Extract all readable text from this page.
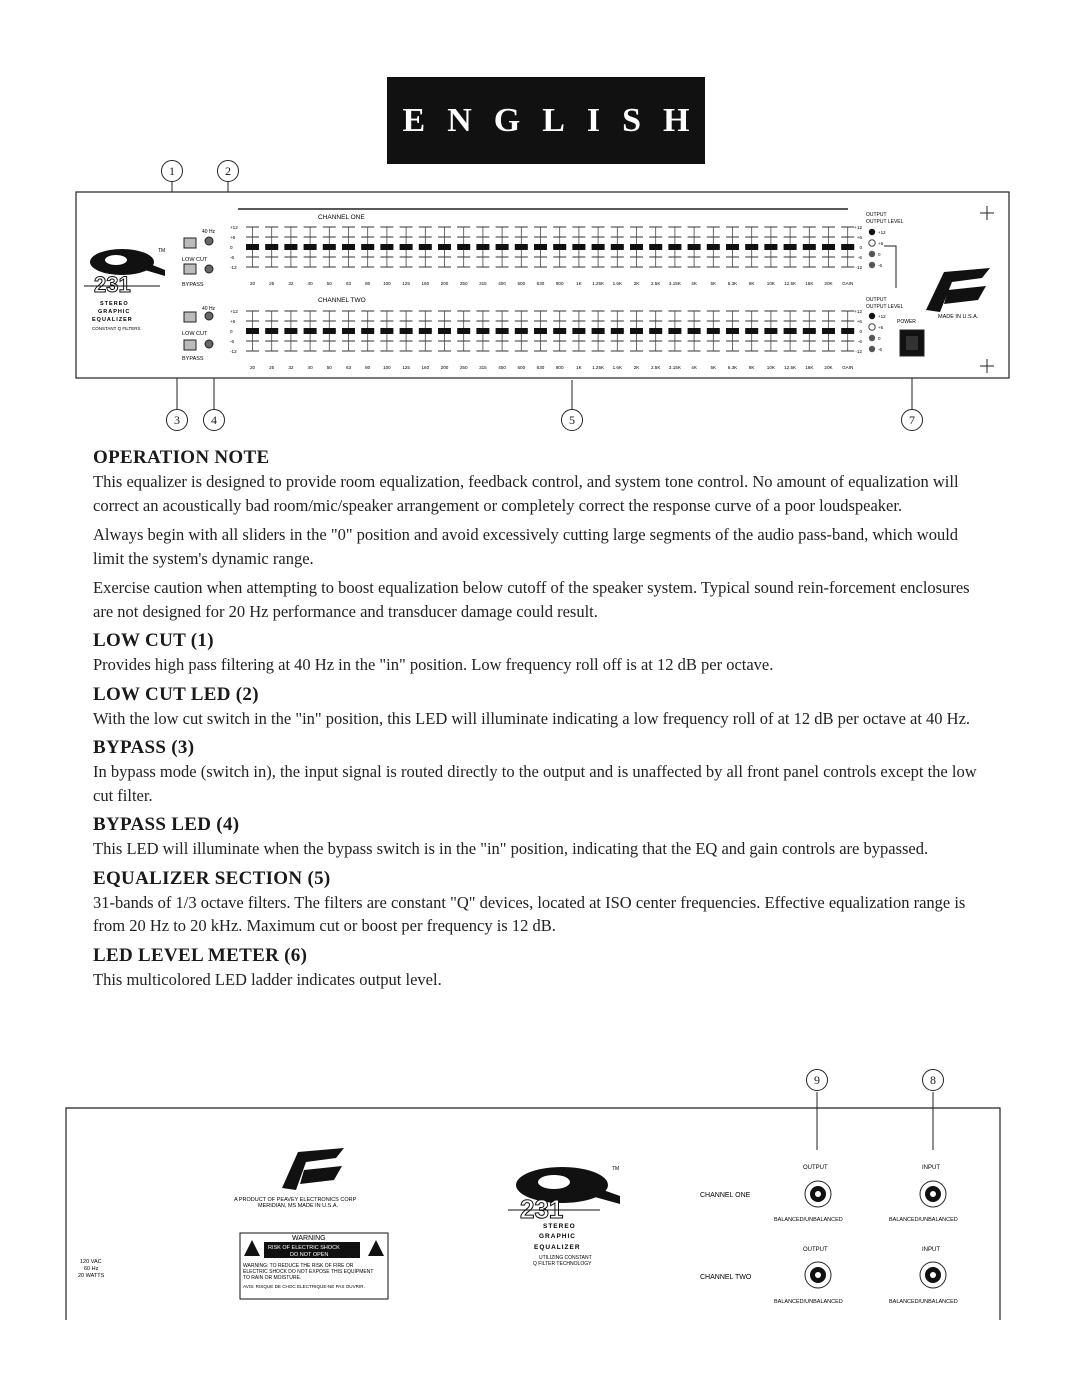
ENGLISH
1	2
3	4	5	7
8
9
TM
231
STEREO
GRAPHIC
EQUALIZER
CONSTANT Q FILTERS
CHANNEL ONE
CHANNEL TWO
40 Hz
LOW CUT
BYPASS
40 Hz
LOW CUT
BYPASS
20	25	32	40	50	63	80	100	125	160	200	250	315	400	500	630	800	1K 1.25K 1.6K	2K	2.5K 3.15K 4K	5K	6.3K	8K	10K 12.5K 16K 20K GAIN
20	25	32	40	50	63	80	100	125	160	200	250	315	400	500	630	800	1K 1.25K 1.6K	2K	2.5K 3.15K 4K	5K	6.3K	8K	10K 12.5K 16K 20K GAIN
+12	+12
+6	+6
0	0
-6	-6
-12	-12
+12	+12
+6	+6
0	0
-6	-6
-12	-12
OUTPUT
OUTPUT LEVEL
+12
+6
0
-6
OUTPUT
OUTPUT LEVEL
+12
+6
0
-6
MADE IN U.S.A.
POWER
OPERATION NOTE

This equalizer is designed to provide room equalization, feedback control, and system tone control. No amount of equalization will correct an acoustically bad room/mic/speaker arrangement or completely correct the response curve of a poor loudspeaker.

Always begin with all sliders in the "0" position and avoid excessively cutting large segments of the audio pass-band, which would limit the system's dynamic range.

Exercise caution when attempting to boost equalization below cutoff of the speaker system. Typical sound rein-forcement enclosures are not designed for 20 Hz performance and transducer damage could result.

LOW CUT (1)

Provides high pass filtering at 40 Hz in the "in" position. Low frequency roll off is at 12 dB per octave.

LOW CUT LED (2)

With the low cut switch in the "in" position, this LED will illuminate indicating a low frequency roll of at 12 dB per octave at 40 Hz.

BYPASS (3)

In bypass mode (switch in), the input signal is routed directly to the output and is unaffected by all front panel controls except the low cut filter.

BYPASS LED (4)

This LED will illuminate when the bypass switch is in the "in" position, indicating that the EQ and gain controls are bypassed.

EQUALIZER SECTION (5)

31-bands of 1/3 octave filters. The filters are constant "Q" devices, located at ISO center frequencies. Effective equalization range is from 20 Hz to 20 kHz. Maximum cut or boost per frequency is 12 dB.

LED LEVEL METER (6)

This multicolored LED ladder indicates output level.

120 VAC
60 Hz
20 WATTS
A PRODUCT OF PEAVEY ELECTRONICS CORP
MERIDIAN, MS MADE IN U.S.A.
WARNING
RISK OF ELECTRIC SHOCK
DO NOT OPEN
WARNING: TO REDUCE THE RISK OF FIRE OR
ELECTRIC SHOCK DO NOT EXPOSE THIS EQUIPMENT
TO RAIN OR MOISTURE.
AVIS: RISQUE DE CHOC ELECTRIQUE-NE PAS OUVRIR.
TM
231
STEREO
GRAPHIC
EQUALIZER
UTILIZING CONSTANT
Q FILTER TECHNOLOGY
OUTPUT	INPUT
CHANNEL ONE
BALANCED/UNBALANCED	BALANCED/UNBALANCED
OUTPUT	INPUT
CHANNEL TWO
BALANCED/UNBALANCED	BALANCED/UNBALANCED
